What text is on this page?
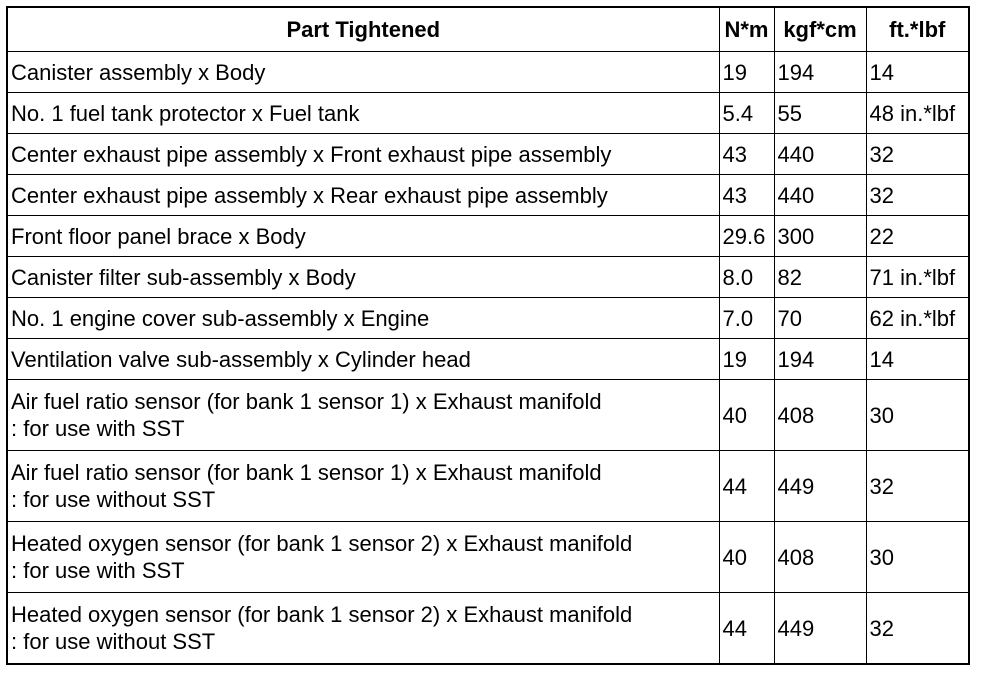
Part Tightened	N*m	kgf*cm	ft.*lbf

Canister assembly x Body	19	194	14

No. 1 fuel tank protector x Fuel tank	5.4	55	48 in.*lbf

Center exhaust pipe assembly x Front exhaust pipe assembly	43	440	32

Center exhaust pipe assembly x Rear exhaust pipe assembly	43	440	32

Front floor panel brace x Body	29.6	300	22

Canister filter sub-assembly x Body	8.0	82	71 in.*lbf

No. 1 engine cover sub-assembly x Engine	7.0	70	62 in.*lbf

Ventilation valve sub-assembly x Cylinder head	19	194	14

Air fuel ratio sensor (for bank 1 sensor 1) x Exhaust manifold
: for use with SST	40	408	30

Air fuel ratio sensor (for bank 1 sensor 1) x Exhaust manifold
: for use without SST	44	449	32

Heated oxygen sensor (for bank 1 sensor 2) x Exhaust manifold
: for use with SST	40	408	30

Heated oxygen sensor (for bank 1 sensor 2) x Exhaust manifold
: for use without SST	44	449	32
